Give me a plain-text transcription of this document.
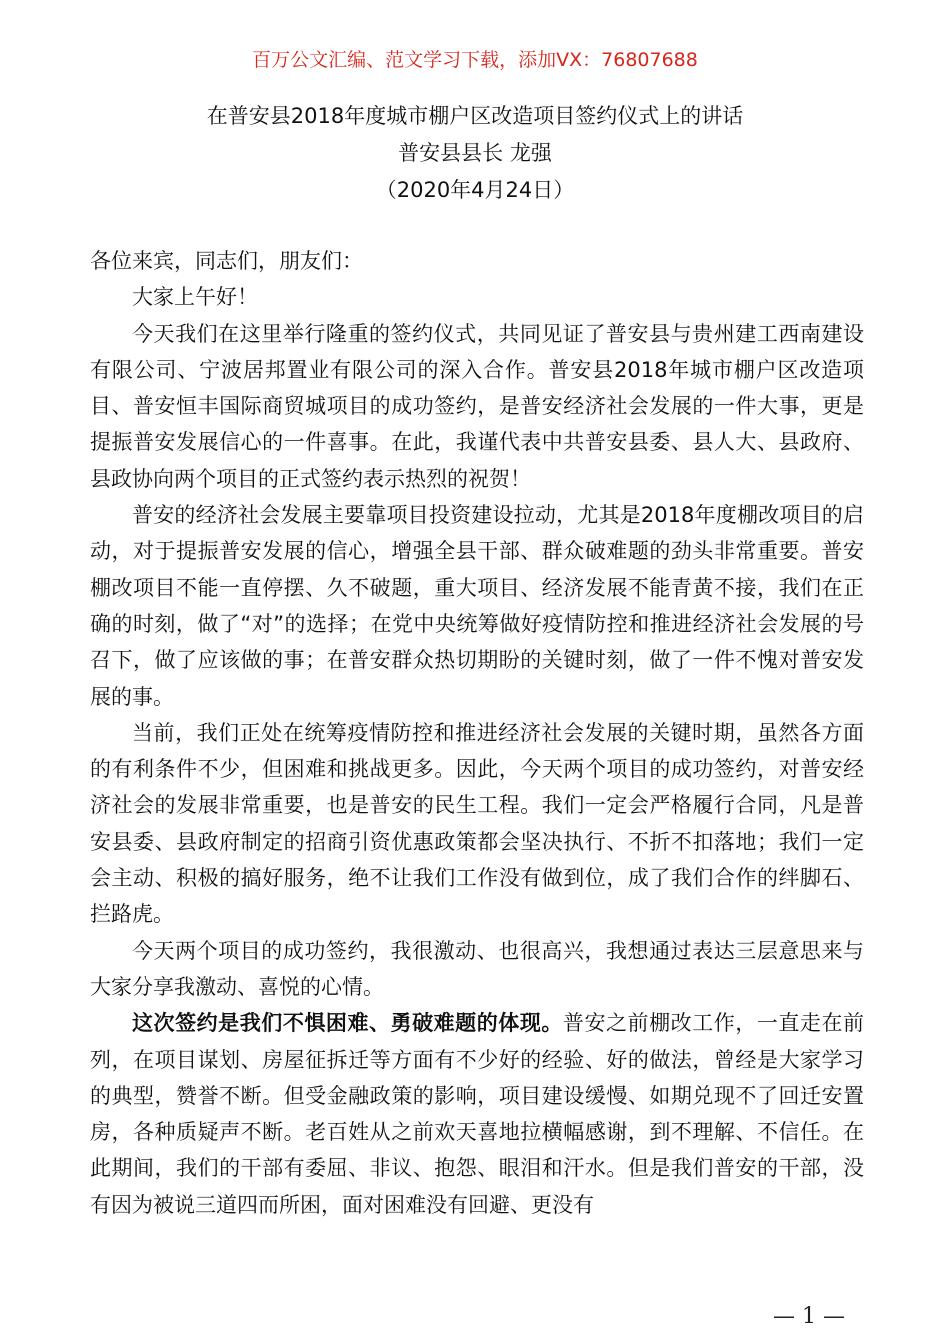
百万公文汇编、范文学习下载，添加VX：76807688
在普安县2018年度城市棚户区改造项目签约仪式上的讲话
普安县县长 龙强
（2020年4月24日）

各位来宾，同志们，朋友们：

大家上午好！

今天我们在这里举行隆重的签约仪式，共同见证了普安县与贵州建工西南建设有限公司、宁波居邦置业有限公司的深入合作。普安县2018年城市棚户区改造项目、普安恒丰国际商贸城项目的成功签约，是普安经济社会发展的一件大事，更是提振普安发展信心的一件喜事。在此，我谨代表中共普安县委、县人大、县政府、县政协向两个项目的正式签约表示热烈的祝贺！

普安的经济社会发展主要靠项目投资建设拉动，尤其是2018年度棚改项目的启动，对于提振普安发展的信心，增强全县干部、群众破难题的劲头非常重要。普安棚改项目不能一直停摆、久不破题，重大项目、经济发展不能青黄不接，我们在正确的时刻，做了“对”的选择；在党中央统筹做好疫情防控和推进经济社会发展的号召下，做了应该做的事；在普安群众热切期盼的关键时刻，做了一件不愧对普安发展的事。

当前，我们正处在统筹疫情防控和推进经济社会发展的关键时期，虽然各方面的有利条件不少，但困难和挑战更多。因此，今天两个项目的成功签约，对普安经济社会的发展非常重要，也是普安的民生工程。我们一定会严格履行合同，凡是普安县委、县政府制定的招商引资优惠政策都会坚决执行、不折不扣落地；我们一定会主动、积极的搞好服务，绝不让我们工作没有做到位，成了我们合作的绊脚石、拦路虎。

今天两个项目的成功签约，我很激动、也很高兴，我想通过表达三层意思来与大家分享我激动、喜悦的心情。

这次签约是我们不惧困难、勇破难题的体现。普安之前棚改工作，一直走在前列，在项目谋划、房屋征拆迁等方面有不少好的经验、好的做法，曾经是大家学习的典型，赞誉不断。但受金融政策的影响，项目建设缓慢、如期兑现不了回迁安置房，各种质疑声不断。老百姓从之前欢天喜地拉横幅感谢，到不理解、不信任。在此期间，我们的干部有委屈、非议、抱怨、眼泪和汗水。但是我们普安的干部，没有因为被说三道四而所困，面对困难没有回避、更没有

— 1 —
